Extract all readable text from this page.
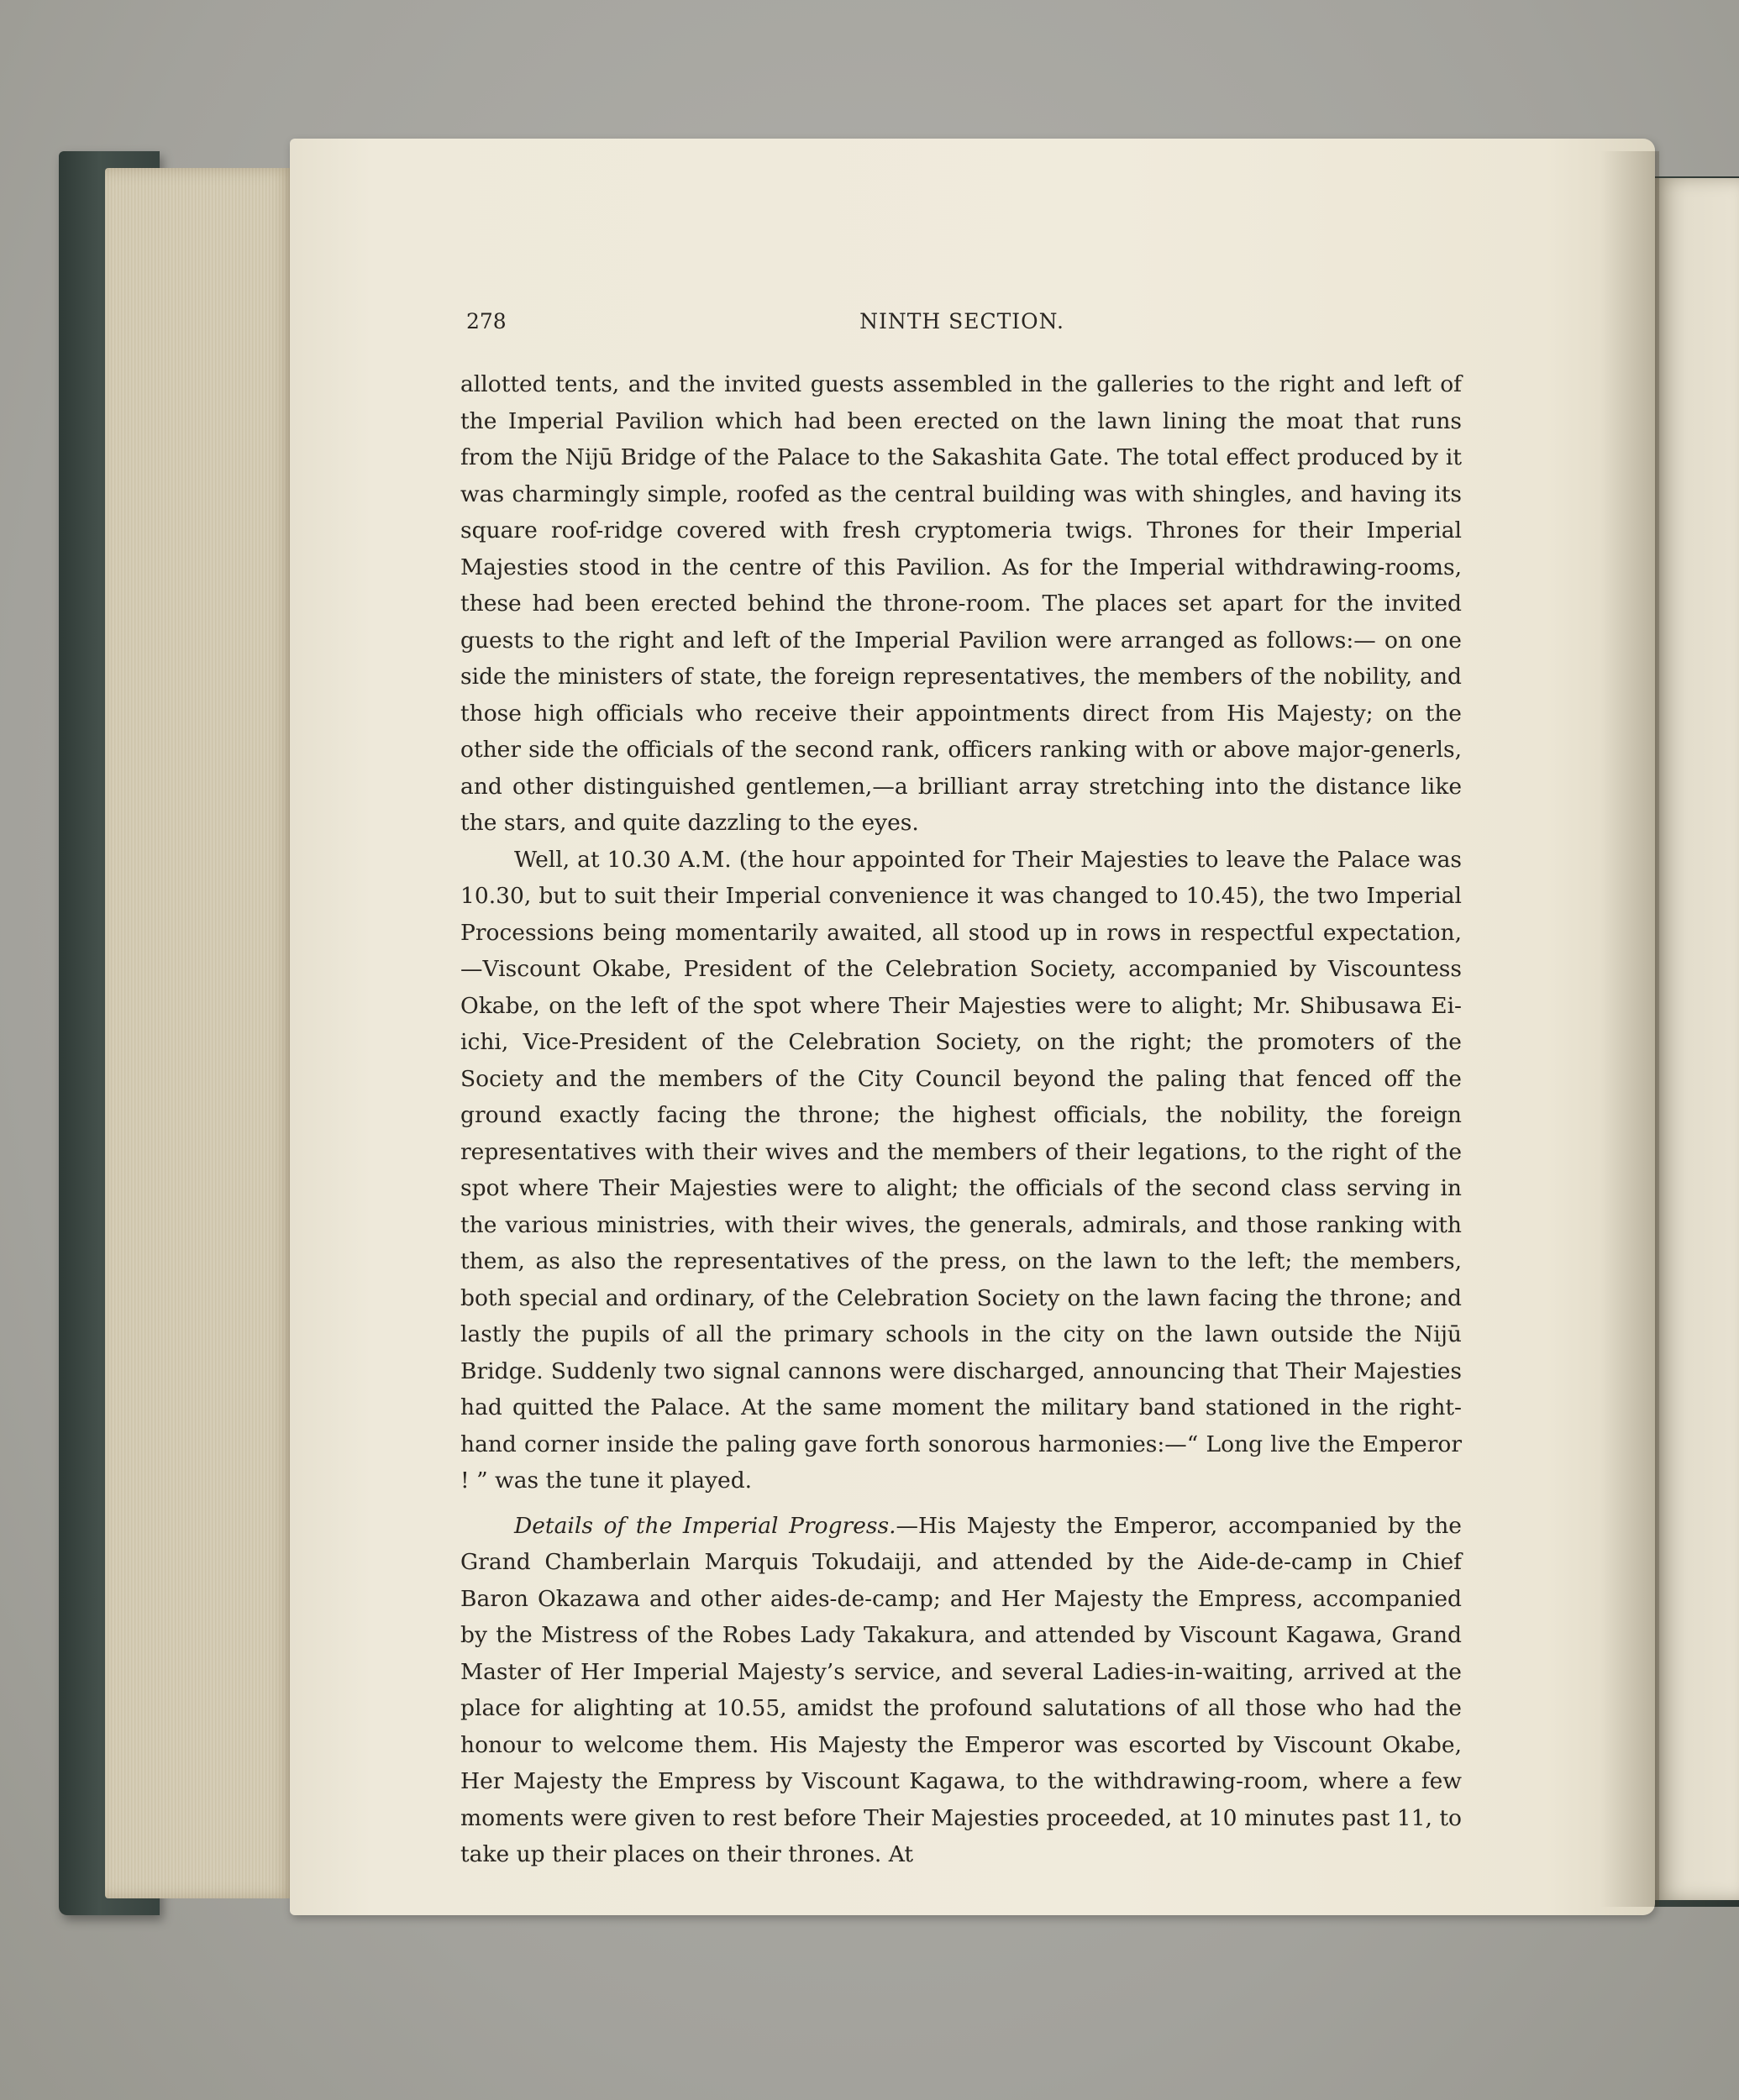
278	NINTH SECTION.

allotted tents, and the invited guests assembled in the galleries to the right and left of the Imperial Pavilion which had been erected on the lawn lining the moat that runs from the Nijū Bridge of the Palace to the Sakashita Gate. The total effect produced by it was charmingly simple, roofed as the central building was with shingles, and having its square roof-ridge covered with fresh cryptomeria twigs. Thrones for their Imperial Majesties stood in the centre of this Pavilion. As for the Imperial withdrawing-rooms, these had been erected behind the throne-room. The places set apart for the invited guests to the right and left of the Imperial Pavilion were arranged as follows:— on one side the ministers of state, the foreign representatives, the members of the nobility, and those high officials who receive their appointments direct from His Majesty; on the other side the officials of the second rank, officers ranking with or above major-generls, and other distinguished gentlemen,—a brilliant array stretching into the distance like the stars, and quite dazzling to the eyes.

Well, at 10.30 A.M. (the hour appointed for Their Majesties to leave the Palace was 10.30, but to suit their Imperial convenience it was changed to 10.45), the two Imperial Processions being momentarily awaited, all stood up in rows in respectful expectation,—Viscount Okabe, President of the Celebration Society, accompanied by Viscountess Okabe, on the left of the spot where Their Majesties were to alight; Mr. Shibusawa Ei-ichi, Vice-President of the Celebration Society, on the right; the promoters of the Society and the members of the City Council beyond the paling that fenced off the ground exactly facing the throne; the highest officials, the nobility, the foreign representatives with their wives and the members of their legations, to the right of the spot where Their Majesties were to alight; the officials of the second class serving in the various ministries, with their wives, the generals, admirals, and those ranking with them, as also the representatives of the press, on the lawn to the left; the members, both special and ordinary, of the Celebration Society on the lawn facing the throne; and lastly the pupils of all the primary schools in the city on the lawn outside the Nijū Bridge. Suddenly two signal cannons were discharged, announcing that Their Majesties had quitted the Palace. At the same moment the military band stationed in the right-hand corner inside the paling gave forth sonorous harmonies:—“ Long live the Emperor ! ” was the tune it played.

Details of the Imperial Progress.—His Majesty the Emperor, accompanied by the Grand Chamberlain Marquis Tokudaiji, and attended by the Aide-de-camp in Chief Baron Okazawa and other aides-de-camp; and Her Majesty the Empress, accompanied by the Mistress of the Robes Lady Takakura, and attended by Viscount Kagawa, Grand Master of Her Imperial Majesty’s service, and several Ladies-in-waiting, arrived at the place for alighting at 10.55, amidst the profound salutations of all those who had the honour to welcome them. His Majesty the Emperor was escorted by Viscount Okabe, Her Majesty the Empress by Viscount Kagawa, to the withdrawing-room, where a few moments were given to rest before Their Majesties proceeded, at 10 minutes past 11, to take up their places on their thrones. At
